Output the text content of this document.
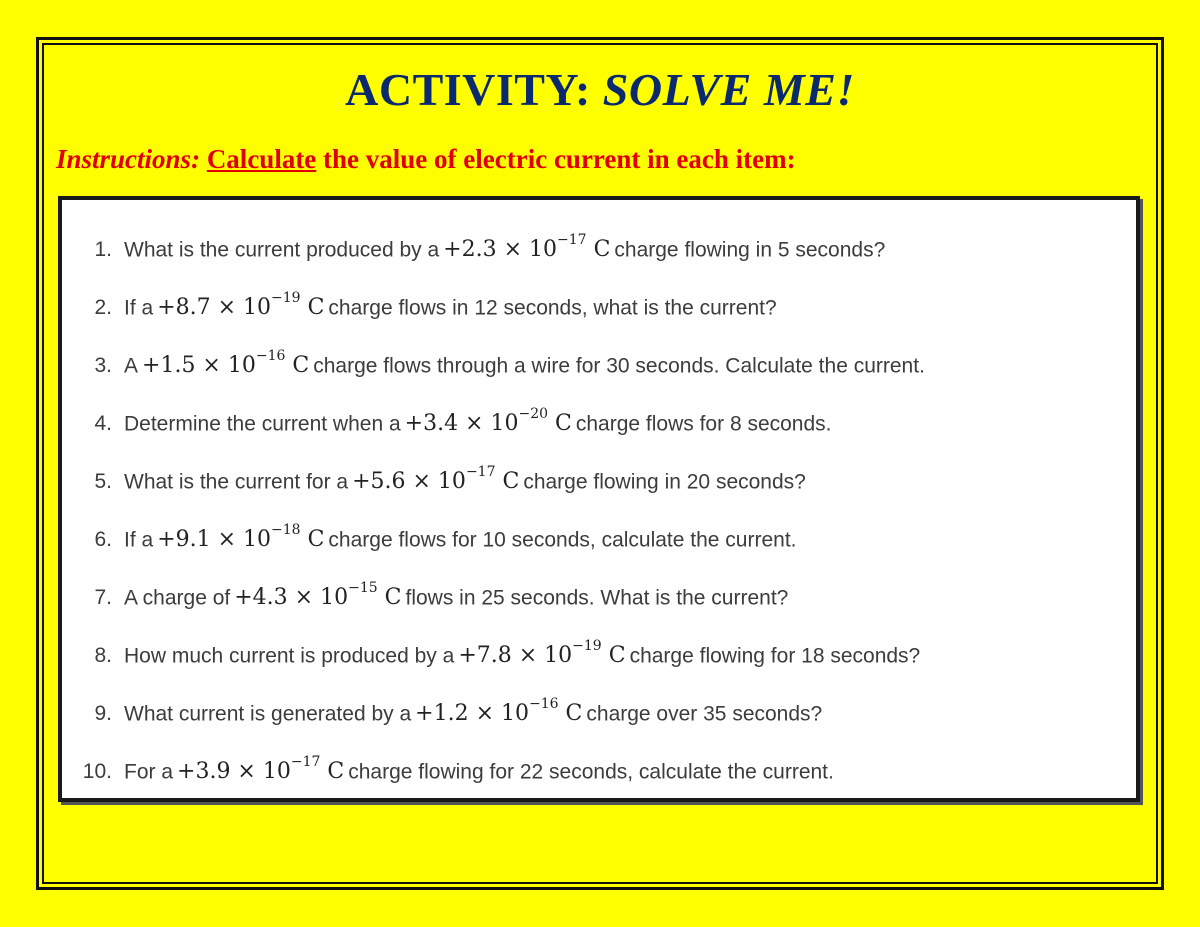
ACTIVITY: SOLVE ME!
Instructions: Calculate the value of electric current in each item:
1. What is the current produced by $a +2.3 \times 10^{-17}$ C charge flowing in 5 seconds?
2. If $a +8.7 \times 10^{-19}$ C charge flows in 12 seconds, what is the current?
3. $A +1.5 \times 10^{-16}$ C charge flows through a wire for 30 seconds. Calculate the current.
4. Determine the current when $a +3.4 \times 10^{-20}$ C charge flows for 8 seconds.
5. What is the current for $a +5.6 \times 10^{-17}$ C charge flowing in 20 seconds?
6. If $a +9.1 \times 10^{-18}$ C charge flows for 10 seconds, calculate the current.
7. A charge of $+4.3 \times 10^{-15}$ C flows in 25 seconds. What is the current?
8. How much current is produced by $a +7.8 \times 10^{-19}$ C charge flowing for 18 seconds?
9. What current is generated by $a +1.2 \times 10^{-16}$ C charge over 35 seconds?
10. For $a +3.9 \times 10^{-17}$ C charge flowing for 22 seconds, calculate the current.
